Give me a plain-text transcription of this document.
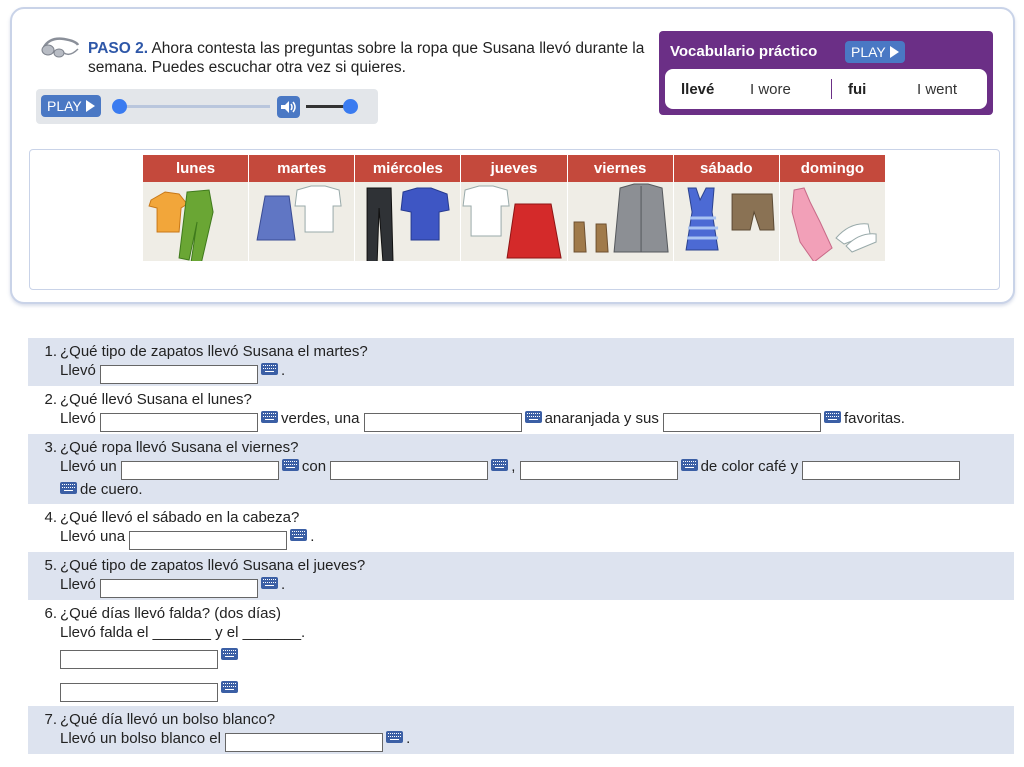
PASO 2. Ahora contesta las preguntas sobre la ropa que Susana llevó durante la semana. Puedes escuchar otra vez si quieres.
PLAY
Vocabulario práctico	PLAY
llevé I wore	fui	I went
lunes	martes	miércoles	jueves	viernes	sábado	domingo
1. ¿Qué tipo de zapatos llevó Susana el martes?
Llevó	.
2. ¿Qué llevó Susana el lunes?
Llevó	verdes, una	anaranjada y sus	favoritas.
3. ¿Qué ropa llevó Susana el viernes?
Llevó un	con	,	de color café y
de cuero.
4. ¿Qué llevó el sábado en la cabeza?
Llevó una	.
5. ¿Qué tipo de zapatos llevó Susana el jueves?
Llevó	.
6. ¿Qué días llevó falda? (dos días)
Llevó falda el _______ y el _______.
7. ¿Qué día llevó un bolso blanco?
Llevó un bolso blanco el	.
